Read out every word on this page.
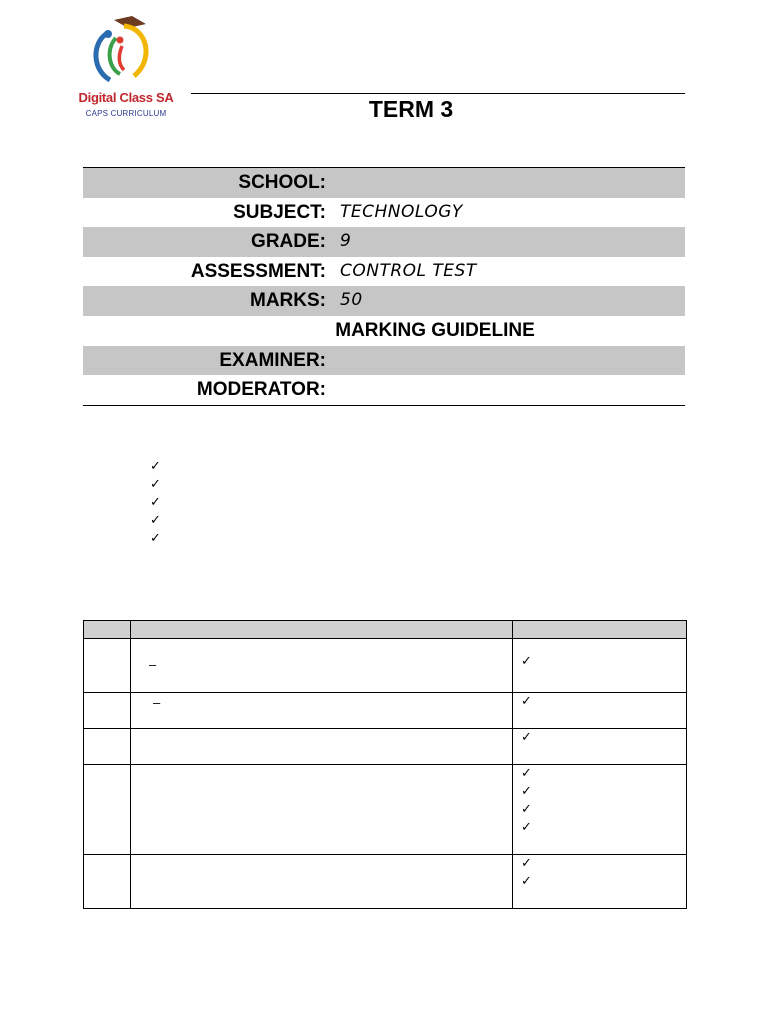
Digital Class SA
CAPS CURRICULUM	TERM 3
SCHOOL:
SUBJECT: TECHNOLOGY
GRADE: 9
ASSESSMENT: CONTROL TEST
MARKS: 50
MARKING GUIDELINE
EXAMINER:
MODERATOR:
✓
✓
✓
✓
✓

	–	✓

	–	✓

		✓

		✓
✓
✓
✓

		✓
✓
